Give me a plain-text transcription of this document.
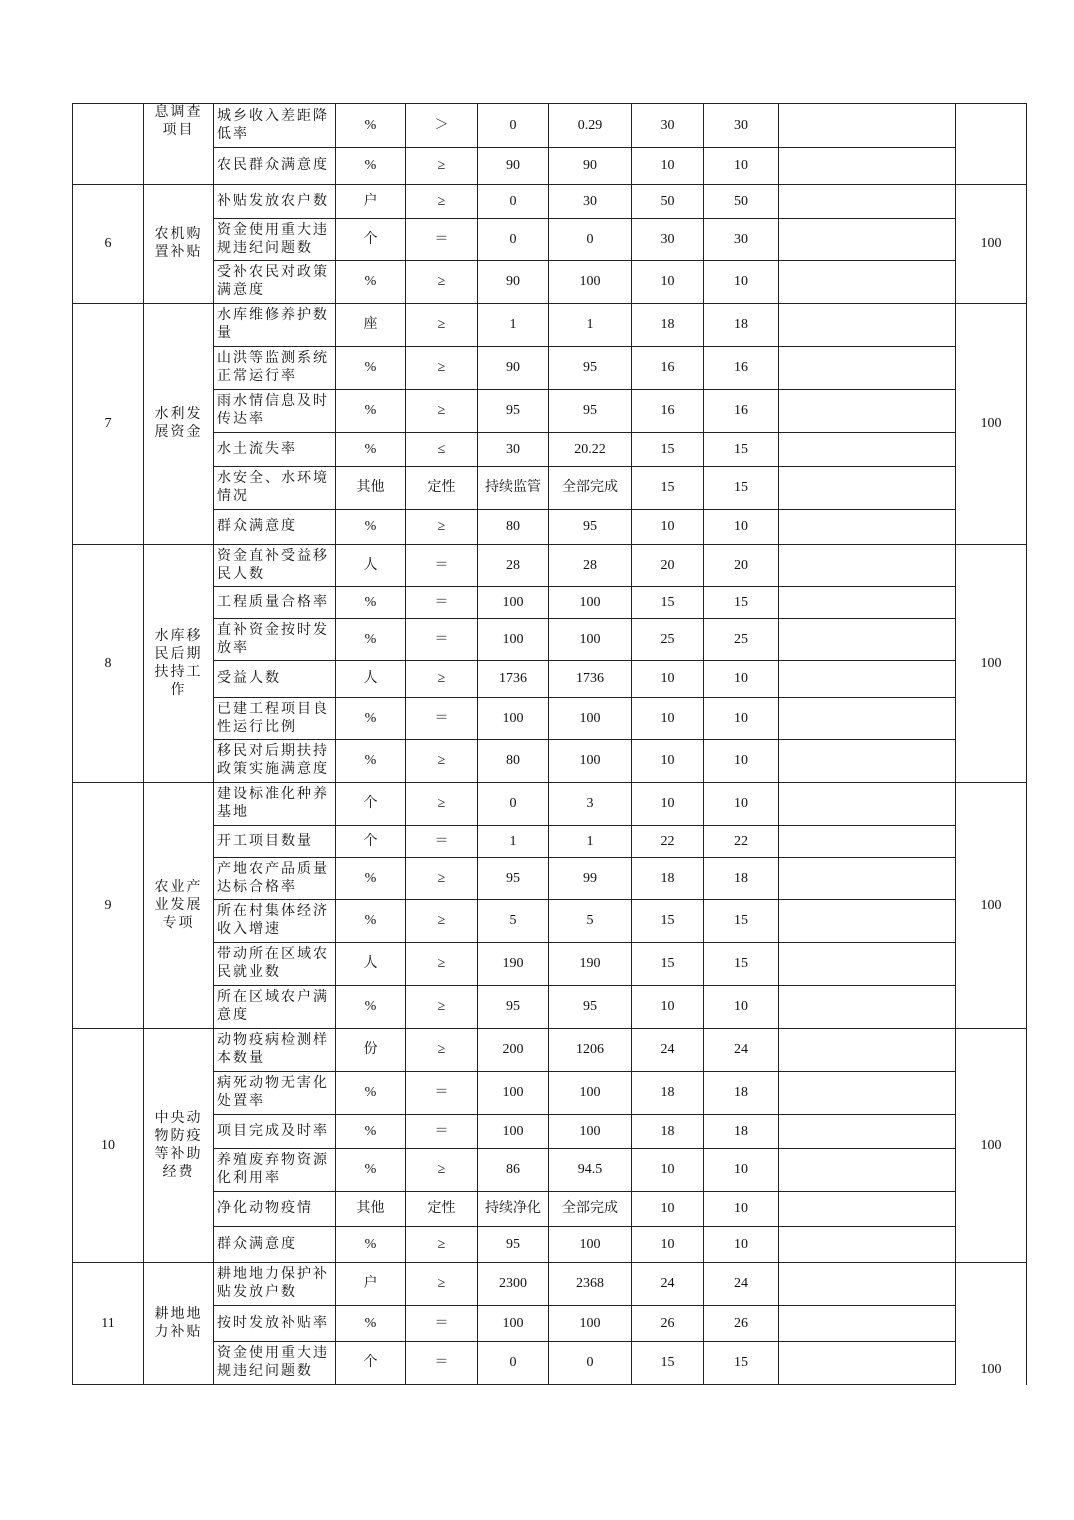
	息调查项目	城乡收入差距降低率	%	＞	0	0.29	30	30		
		农民群众满意度	%	≥	90	90	10	10		
6	农机购置补贴	补贴发放农户数	户	≥	0	30	50	50		100
		资金使用重大违规违纪问题数	个	＝	0	0	30	30		
		受补农民对政策满意度	%	≥	90	100	10	10		
7	水利发展资金	水库维修养护数量	座	≥	1	1	18	18		100
		山洪等监测系统正常运行率	%	≥	90	95	16	16		
		雨水情信息及时传达率	%	≥	95	95	16	16		
		水土流失率	%	≤	30	20.22	15	15		
		水安全、水环境情况	其他	定性	持续监管	全部完成	15	15		
		群众满意度	%	≥	80	95	10	10		
8	水库移民后期扶持工作	资金直补受益移民人数	人	＝	28	28	20	20		100
		工程质量合格率	%	＝	100	100	15	15		
		直补资金按时发放率	%	＝	100	100	25	25		
		受益人数	人	≥	1736	1736	10	10		
		已建工程项目良性运行比例	%	＝	100	100	10	10		
		移民对后期扶持政策实施满意度	%	≥	80	100	10	10		
9	农业产业发展专项	建设标准化种养基地	个	≥	0	3	10	10		100
		开工项目数量	个	＝	1	1	22	22		
		产地农产品质量达标合格率	%	≥	95	99	18	18		
		所在村集体经济收入增速	%	≥	5	5	15	15		
		带动所在区域农民就业数	人	≥	190	190	15	15		
		所在区域农户满意度	%	≥	95	95	10	10		
10	中央动物防疫等补助经费	动物疫病检测样本数量	份	≥	200	1206	24	24		100
		病死动物无害化处置率	%	＝	100	100	18	18		
		项目完成及时率	%	＝	100	100	18	18		
		养殖废弃物资源化利用率	%	≥	86	94.5	10	10		
		净化动物疫情	其他	定性	持续净化	全部完成	10	10		
		群众满意度	%	≥	95	100	10	10		
11	耕地地力补贴	耕地地力保护补贴发放户数	户	≥	2300	2368	24	24		100
		按时发放补贴率	%	＝	100	100	26	26		
		资金使用重大违规违纪问题数	个	＝	0	0	15	15		
